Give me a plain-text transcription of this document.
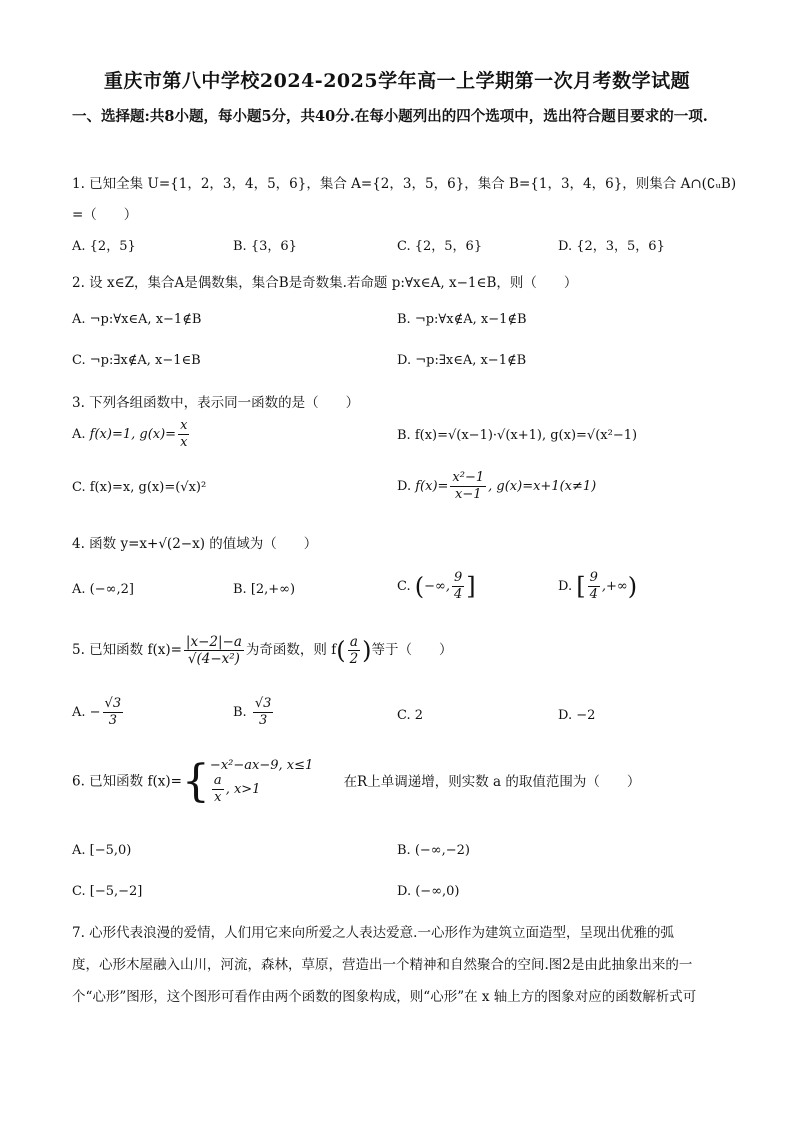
重庆市第八中学校2024-2025学年高一上学期第一次月考数学试题
一、选择题:共8小题，每小题5分，共40分.在每小题列出的四个选项中，选出符合题目要求的一项.
1. 已知全集 U={1，2，3，4，5，6}，集合 A={2，3，5，6}，集合 B={1，3，4，6}，则集合 A∩(∁ᵤB)
=（　　）
A. {2，5}	B. {3，6}	C. {2，5，6}	D. {2，3，5，6}
2. 设 x∈Z，集合A是偶数集，集合B是奇数集.若命题 p:∀x∈A, x−1∈B，则（　　）
A. ¬p:∀x∈A, x−1∉B	B. ¬p:∀x∉A, x−1∉B
C. ¬p:∃x∉A, x−1∈B	D. ¬p:∃x∈A, x−1∉B
3. 下列各组函数中，表示同一函数的是（　　）
A. f(x)=1, $g(x)= \frac{x}{x}$	B. f(x)=√(x−1)·√(x+1), g(x)=√(x²−1)
C. f(x)=x, g(x)=(√x)²	D. $f(x)= \frac{\text{x²−1}}{x-1}$ , g(x)=x+1(x≠1)
4. 函数 y=x+√(2−x) 的值域为（　　）
A. (−∞,2]	B. [2,+∞)	C. (−∞, $\frac{9}{4}$ ]	D. [ $\frac{9}{4}$ ,+∞)
5. 已知函数 $f(x)= \frac{|x-2|-a}{\text{√(4−x²)}}$ 为奇函数，则 $f( \frac{a}{2}$ )等于（　　）
A. − $\frac{√3}{3}$	B. $\frac{√3}{3}$	C. 2	D. −2
6. 已知函数 f(x)={ −x²−ax−9, x≤1
$\frac{a}{x}$ , x>1	在R上单调递增，则实数 a 的取值范围为（　　）
A. [−5,0)	B. (−∞,−2)
C. [−5,−2]	D. (−∞,0)
7. 心形代表浪漫的爱情，人们用它来向所爱之人表达爱意.一心形作为建筑立面造型，呈现出优雅的弧
度，心形木屋融入山川，河流，森林，草原，营造出一个精神和自然聚合的空间.图2是由此抽象出来的一
个“心形”图形，这个图形可看作由两个函数的图象构成，则“心形”在 x 轴上方的图象对应的函数解析式可
